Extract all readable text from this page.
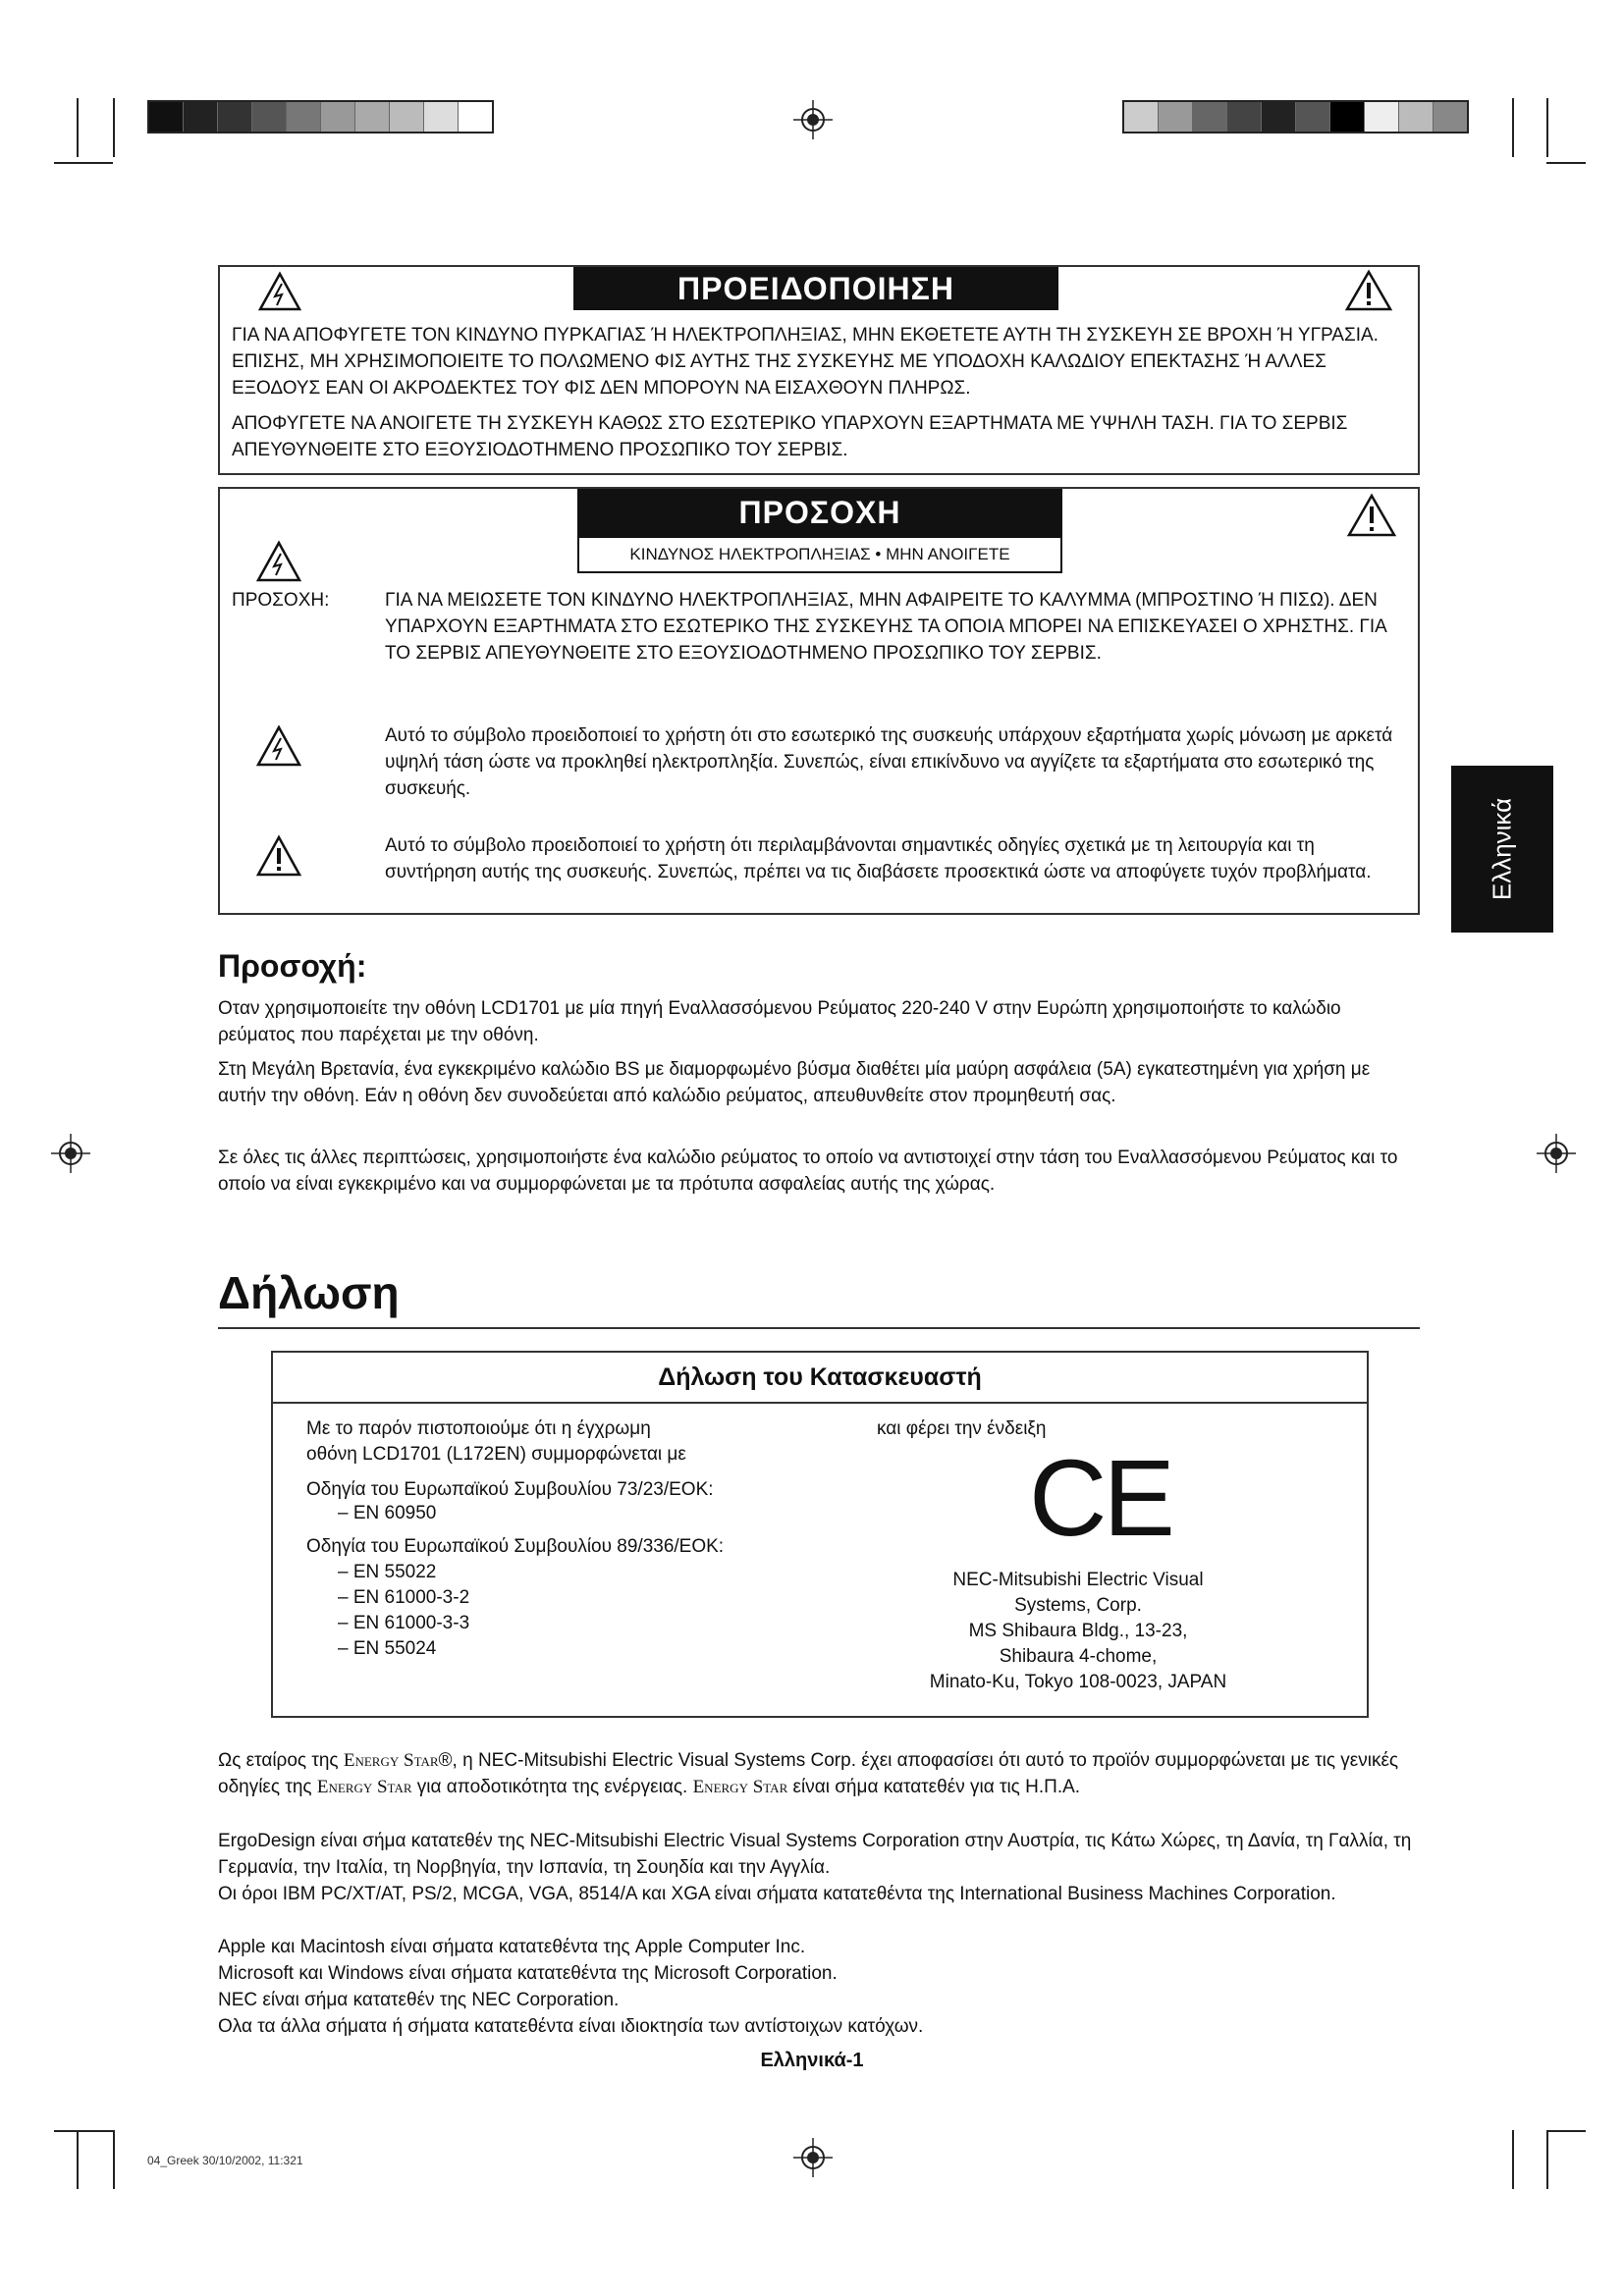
ΠΡΟΕΙΔΟΠΟΙΗΣΗ
ΓΙΑ ΝΑ ΑΠΟΦΥΓΕΤΕ ΤΟΝ ΚΙΝΔΥΝΟ ΠΥΡΚΑΓΙΑΣ Ή ΗΛΕΚΤΡΟΠΛΗΞΙΑΣ, ΜΗΝ ΕΚΘΕΤΕΤΕ ΑΥΤΗ ΤΗ ΣΥΣΚΕΥΗ ΣΕ ΒΡΟΧΗ Ή ΥΓΡΑΣΙΑ. ΕΠΙΣΗΣ, ΜΗ ΧΡΗΣΙΜΟΠΟΙΕΙΤΕ ΤΟ ΠΟΛΩΜΕΝΟ ΦΙΣ ΑΥΤΗΣ ΤΗΣ ΣΥΣΚΕΥΗΣ ΜΕ ΥΠΟΔΟΧΗ ΚΑΛΩΔΙΟΥ ΕΠΕΚΤΑΣΗΣ Ή ΑΛΛΕΣ ΕΞΟΔΟΥΣ ΕΑΝ ΟΙ ΑΚΡΟΔΕΚΤΕΣ ΤΟΥ ΦΙΣ ΔΕΝ ΜΠΟΡΟΥΝ ΝΑ ΕΙΣΑΧΘΟΥΝ ΠΛΗΡΩΣ.
ΑΠΟΦΥΓΕΤΕ ΝΑ ΑΝΟΙΓΕΤΕ ΤΗ ΣΥΣΚΕΥΗ ΚΑΘΩΣ ΣΤΟ ΕΣΩΤΕΡΙΚΟ ΥΠΑΡΧΟΥΝ ΕΞΑΡΤΗΜΑΤΑ ΜΕ ΥΨΗΛΗ ΤΑΣΗ. ΓΙΑ ΤΟ ΣΕΡΒΙΣ ΑΠΕΥΘΥΝΘΕΙΤΕ ΣΤΟ ΕΞΟΥΣΙΟΔΟΤΗΜΕΝΟ ΠΡΟΣΩΠΙΚΟ ΤΟΥ ΣΕΡΒΙΣ.
ΠΡΟΣΟΧΗ
ΚΙΝΔΥΝΟΣ ΗΛΕΚΤΡΟΠΛΗΞΙΑΣ • ΜΗΝ ΑΝΟΙΓΕΤΕ
ΠΡΟΣΟΧΗ:	ΓΙΑ ΝΑ ΜΕΙΩΣΕΤΕ ΤΟΝ ΚΙΝΔΥΝΟ ΗΛΕΚΤΡΟΠΛΗΞΙΑΣ, ΜΗΝ ΑΦΑΙΡΕΙΤΕ ΤΟ ΚΑΛΥΜΜΑ (ΜΠΡΟΣΤΙΝΟ Ή ΠΙΣΩ). ΔΕΝ ΥΠΑΡΧΟΥΝ ΕΞΑΡΤΗΜΑΤΑ ΣΤΟ ΕΣΩΤΕΡΙΚΟ ΤΗΣ ΣΥΣΚΕΥΗΣ ΤΑ ΟΠΟΙΑ ΜΠΟΡΕΙ ΝΑ ΕΠΙΣΚΕΥΑΣΕΙ Ο ΧΡΗΣΤΗΣ. ΓΙΑ ΤΟ ΣΕΡΒΙΣ ΑΠΕΥΘΥΝΘΕΙΤΕ ΣΤΟ ΕΞΟΥΣΙΟΔΟΤΗΜΕΝΟ ΠΡΟΣΩΠΙΚΟ ΤΟΥ ΣΕΡΒΙΣ.
Αυτό το σύμβολο προειδοποιεί το χρήστη ότι στο εσωτερικό της συσκευής υπάρχουν εξαρτήματα χωρίς μόνωση με αρκετά υψηλή τάση ώστε να προκληθεί ηλεκτροπληξία. Συνεπώς, είναι επικίνδυνο να αγγίζετε τα εξαρτήματα στο εσωτερικό της συσκευής.
Αυτό το σύμβολο προειδοποιεί το χρήστη ότι περιλαμβάνονται σημαντικές οδηγίες σχετικά με τη λειτουργία και τη συντήρηση αυτής της συσκευής. Συνεπώς, πρέπει να τις διαβάσετε προσεκτικά ώστε να αποφύγετε τυχόν προβλήματα.	Ελληνικά
Προσοχή:
Οταν χρησιμοποιείτε την οθόνη LCD1701 με μία πηγή Εναλλασσόμενου Ρεύματος 220-240 V στην Ευρώπη χρησιμοποιήστε το καλώδιο ρεύματος που παρέχεται με την οθόνη.
Στη Μεγάλη Βρετανία, ένα εγκεκριμένο καλώδιο BS με διαμορφωμένο βύσμα διαθέτει μία μαύρη ασφάλεια (5A) εγκατεστημένη για χρήση με αυτήν την οθόνη. Εάν η οθόνη δεν συνοδεύεται από καλώδιο ρεύματος, απευθυνθείτε στον προμηθευτή σας.
Σε όλες τις άλλες περιπτώσεις, χρησιμοποιήστε ένα καλώδιο ρεύματος το οποίο να αντιστοιχεί στην τάση του Εναλλασσόμενου Ρεύματος και το οποίο να είναι εγκεκριμένο και να συμμορφώνεται με τα πρότυπα ασφαλείας αυτής της χώρας.
Δήλωση
Δήλωση του Κατασκευαστή
Με το παρόν πιστοποιούμε ότι η έγχρωμη
οθόνη LCD1701 (L172EN) συμμορφώνεται με
Οδηγία του Ευρωπαϊκού Συμβουλίου 73/23/ΕΟΚ:
– EN 60950
Οδηγία του Ευρωπαϊκού Συμβουλίου 89/336/ΕΟΚ:
– EN 55022
– EN 61000-3-2
– EN 61000-3-3
– EN 55024
και φέρει την ένδειξη
CE
NEC-Mitsubishi Electric Visual
Systems, Corp.
MS Shibaura Bldg., 13-23,
Shibaura 4-chome,
Minato-Ku, Tokyo 108-0023, JAPAN
Ως εταίρος της Energy Star®, η NEC-Mitsubishi Electric Visual Systems Corp. έχει αποφασίσει ότι αυτό το προϊόν συμμορφώνεται με τις γενικές οδηγίες της Energy Star για αποδοτικότητα της ενέργειας. Energy Star είναι σήμα κατατεθέν για τις Η.Π.Α.
ErgoDesign είναι σήμα κατατεθέν της NEC-Mitsubishi Electric Visual Systems Corporation στην Αυστρία, τις Κάτω Χώρες, τη Δανία, τη Γαλλία, τη Γερμανία, την Ιταλία, τη Νορβηγία, την Ισπανία, τη Σουηδία και την Αγγλία.
Οι όροι IBM PC/XT/AT, PS/2, MCGA, VGA, 8514/A και XGA είναι σήματα κατατεθέντα της International Business Machines Corporation.
Apple και Macintosh είναι σήματα κατατεθέντα της Apple Computer Inc.
Microsoft και Windows είναι σήματα κατατεθέντα της Microsoft Corporation.
NEC είναι σήμα κατατεθέν της NEC Corporation.
Ολα τα άλλα σήματα ή σήματα κατατεθέντα είναι ιδιοκτησία των αντίστοιχων κατόχων.
Ελληνικά-1
04_Greek 30/10/2002, 11:321
